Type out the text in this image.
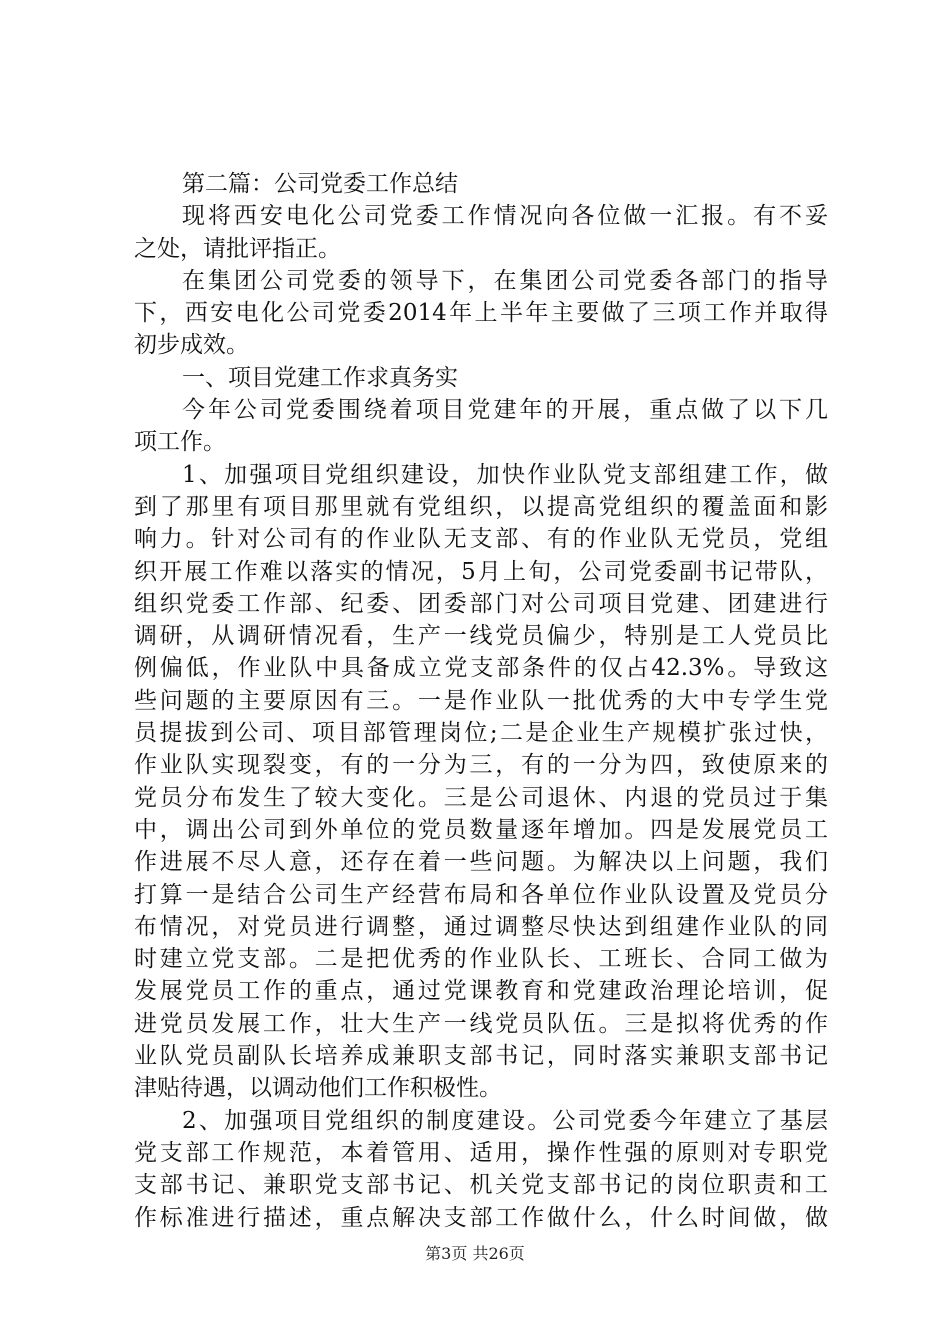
第二篇：公司党委工作总结
现将西安电化公司党委工作情况向各位做一汇报。有不妥
之处，请批评指正。
在集团公司党委的领导下，在集团公司党委各部门的指导
下，西安电化公司党委2014年上半年主要做了三项工作并取得
初步成效。
一、项目党建工作求真务实
今年公司党委围绕着项目党建年的开展，重点做了以下几
项工作。
1、加强项目党组织建设，加快作业队党支部组建工作，做
到了那里有项目那里就有党组织，以提高党组织的覆盖面和影
响力。针对公司有的作业队无支部、有的作业队无党员，党组
织开展工作难以落实的情况，5月上旬，公司党委副书记带队，
组织党委工作部、纪委、团委部门对公司项目党建、团建进行
调研，从调研情况看，生产一线党员偏少，特别是工人党员比
例偏低，作业队中具备成立党支部条件的仅占42.3%。导致这
些问题的主要原因有三。一是作业队一批优秀的大中专学生党
员提拔到公司、项目部管理岗位;二是企业生产规模扩张过快，
作业队实现裂变，有的一分为三，有的一分为四，致使原来的
党员分布发生了较大变化。三是公司退休、内退的党员过于集
中，调出公司到外单位的党员数量逐年增加。四是发展党员工
作进展不尽人意，还存在着一些问题。为解决以上问题，我们
打算一是结合公司生产经营布局和各单位作业队设置及党员分
布情况，对党员进行调整，通过调整尽快达到组建作业队的同
时建立党支部。二是把优秀的作业队长、工班长、合同工做为
发展党员工作的重点，通过党课教育和党建政治理论培训，促
进党员发展工作，壮大生产一线党员队伍。三是拟将优秀的作
业队党员副队长培养成兼职支部书记，同时落实兼职支部书记
津贴待遇，以调动他们工作积极性。
2、加强项目党组织的制度建设。公司党委今年建立了基层
党支部工作规范，本着管用、适用，操作性强的原则对专职党
支部书记、兼职党支部书记、机关党支部书记的岗位职责和工
作标准进行描述，重点解决支部工作做什么，什么时间做，做
第3页 共26页
